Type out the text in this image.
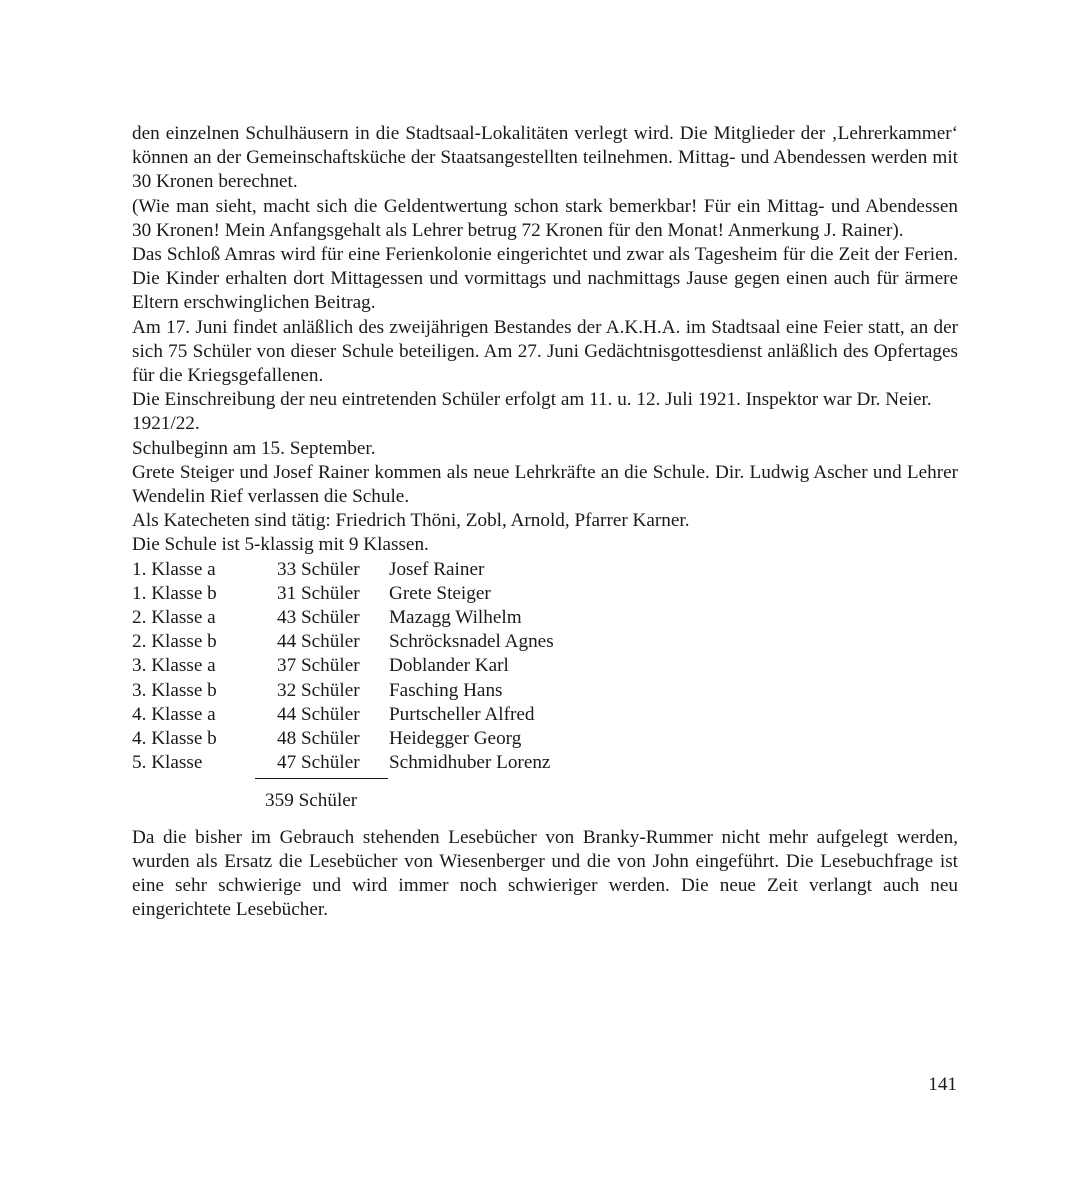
den einzelnen Schulhäusern in die Stadtsaal-Lokalitäten verlegt wird. Die Mitglieder der ‚Lehrerkammer‘ können an der Gemeinschaftsküche der Staatsangestellten teilnehmen. Mittag- und Abendessen werden mit 30 Kronen berechnet.

(Wie man sieht, macht sich die Geldentwertung schon stark bemerkbar! Für ein Mittag- und Abendessen 30 Kronen! Mein Anfangsgehalt als Lehrer betrug 72 Kronen für den Monat! Anmerkung J. Rainer).

Das Schloß Amras wird für eine Ferienkolonie eingerichtet und zwar als Tagesheim für die Zeit der Ferien. Die Kinder erhalten dort Mittagessen und vormittags und nachmittags Jause gegen einen auch für ärmere Eltern erschwinglichen Beitrag.

Am 17. Juni findet anläßlich des zweijährigen Bestandes der A.K.H.A. im Stadtsaal eine Feier statt, an der sich 75 Schüler von dieser Schule beteiligen. Am 27. Juni Gedächtnisgottesdienst anläßlich des Opfertages für die Kriegsgefallenen.

Die Einschreibung der neu eintretenden Schüler erfolgt am 11. u. 12. Juli 1921. Inspektor war Dr. Neier.

1921/22.

Schulbeginn am 15. September.

Grete Steiger und Josef Rainer kommen als neue Lehrkräfte an die Schule. Dir. Ludwig Ascher und Lehrer Wendelin Rief verlassen die Schule.

Als Katecheten sind tätig: Friedrich Thöni, Zobl, Arnold, Pfarrer Karner.

Die Schule ist 5-klassig mit 9 Klassen.

1. Klasse a	33 Schüler	Josef Rainer
1. Klasse b	31 Schüler	Grete Steiger
2. Klasse a	43 Schüler	Mazagg Wilhelm
2. Klasse b	44 Schüler	Schröcksnadel Agnes
3. Klasse a	37 Schüler	Doblander Karl
3. Klasse b	32 Schüler	Fasching Hans
4. Klasse a	44 Schüler	Purtscheller Alfred
4. Klasse b	48 Schüler	Heidegger Georg
5. Klasse	47 Schüler	Schmidhuber Lorenz
359 Schüler

Da die bisher im Gebrauch stehenden Lesebücher von Branky-Rummer nicht mehr aufgelegt werden, wurden als Ersatz die Lesebücher von Wiesenberger und die von John eingeführt. Die Lesebuchfrage ist eine sehr schwierige und wird immer noch schwieriger werden. Die neue Zeit verlangt auch neu eingerichtete Lesebücher.

141
